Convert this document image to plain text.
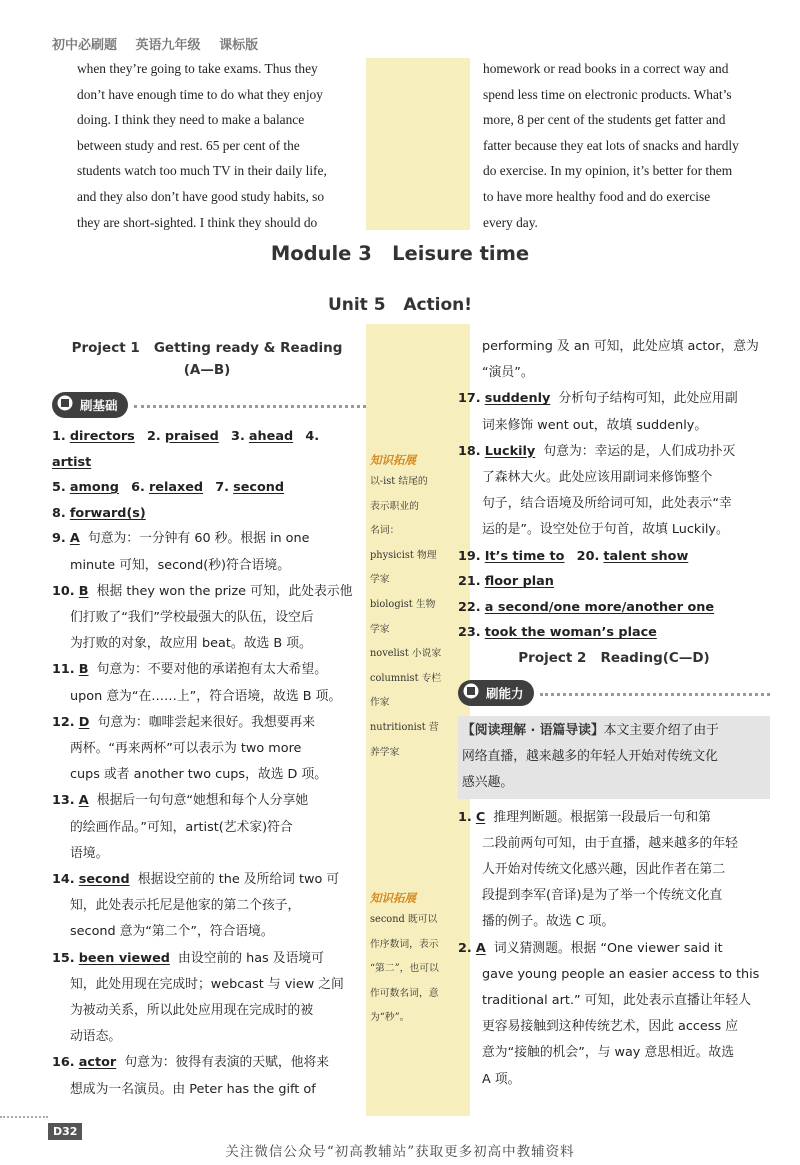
初中必刷题 英语九年级 课标版
when they’re going to take exams. Thus they
don’t have enough time to do what they enjoy
doing. I think they need to make a balance
between study and rest. 65 per cent of the
students watch too much TV in their daily life,
and they also don’t have good study habits, so
they are short-sighted. I think they should do
homework or read books in a correct way and
spend less time on electronic products. What’s
more, 8 per cent of the students get fatter and
fatter because they eat lots of snacks and hardly
do exercise. In my opinion, it’s better for them
to have more healthy food and do exercise
every day.
Module 3   Leisure time
Unit 5   Action!
Project 1   Getting ready & Reading
(A—B)
刷基础
1. directors 2. praised 3. ahead 4. artist
5. among 6. relaxed 7. second
8. forward(s)
9. A 句意为：一分钟有 60 秒。根据 in one
minute 可知，second(秒)符合语境。
10. B 根据 they won the prize 可知，此处表示他
们打败了“我们”学校最强大的队伍，设空后
为打败的对象，故应用 beat。故选 B 项。
11. B 句意为：不要对他的承诺抱有太大希望。
upon 意为“在……上”，符合语境，故选 B 项。
12. D 句意为：咖啡尝起来很好。我想要再来
两杯。“再来两杯”可以表示为 two more
cups 或者 another two cups，故选 D 项。
13. A 根据后一句句意“她想和每个人分享她
的绘画作品。”可知，artist(艺术家)符合
语境。
14. second 根据设空前的 the 及所给词 two 可
知，此处表示托尼是他家的第二个孩子，
second 意为“第二个”，符合语境。
15. been viewed 由设空前的 has 及语境可
知，此处用现在完成时；webcast 与 view 之间
为被动关系，所以此处应用现在完成时的被
动语态。
16. actor 句意为：彼得有表演的天赋，他将来
想成为一名演员。由 Peter has the gift of
知识拓展
以-ist 结尾的
表示职业的
名词：
physicist 物理
学家
biologist 生物
学家
novelist 小说家
columnist 专栏
作家
nutritionist 营
养学家
知识拓展
second 既可以
作序数词，表示
“第二”，也可以
作可数名词，意
为“秒”。
performing 及 an 可知，此处应填 actor，意为
“演员”。
17. suddenly 分析句子结构可知，此处应用副
词来修饰 went out，故填 suddenly。
18. Luckily 句意为：幸运的是，人们成功扑灭
了森林大火。此处应该用副词来修饰整个
句子，结合语境及所给词可知，此处表示“幸
运的是”。设空处位于句首，故填 Luckily。
19. It’s time to 20. talent show
21. floor plan
22. a second/one more/another one
23. took the woman’s place
Project 2   Reading(C—D)
刷能力
【阅读理解 · 语篇导读】本文主要介绍了由于
网络直播，越来越多的年轻人开始对传统文化
感兴趣。
1. C 推理判断题。根据第一段最后一句和第
二段前两句可知，由于直播，越来越多的年轻
人开始对传统文化感兴趣，因此作者在第二
段提到李军(音译)是为了举一个传统文化直
播的例子。故选 C 项。
2. A 词义猜测题。根据 “One viewer said it
gave young people an easier access to this
traditional art.” 可知，此处表示直播让年轻人
更容易接触到这种传统艺术，因此 access 应
意为“接触的机会”，与 way 意思相近。故选
A 项。
D32
关注微信公众号“初高教辅站”获取更多初高中教辅资料
